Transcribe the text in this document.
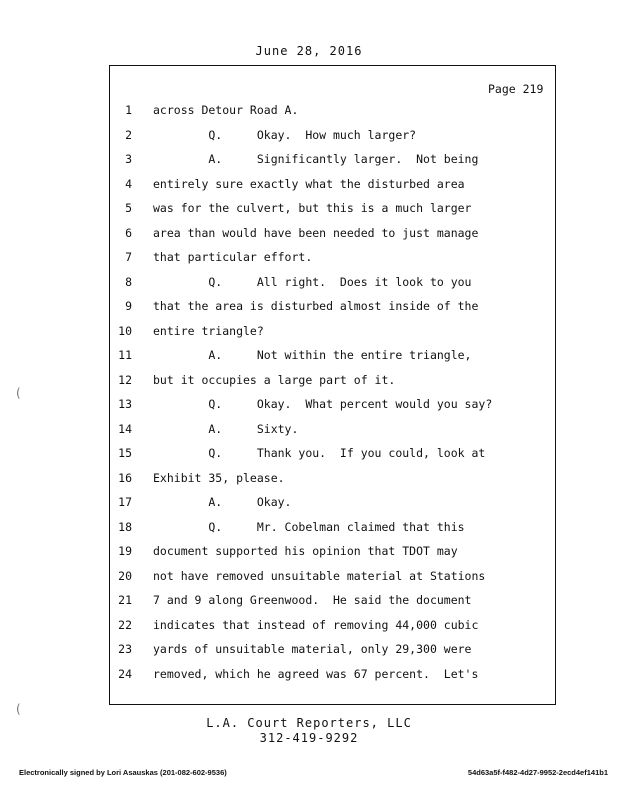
June 28, 2016
Page 219
1 across Detour Road A.
2 Q.     Okay.  How much larger?
3 A.     Significantly larger.  Not being
4 entirely sure exactly what the disturbed area
5 was for the culvert, but this is a much larger
6 area than would have been needed to just manage
7 that particular effort.
8 Q.     All right.  Does it look to you
9 that the area is disturbed almost inside of the
10 entire triangle?
11 A.     Not within the entire triangle,
12 but it occupies a large part of it.
13 Q.     Okay.  What percent would you say?
14 A.     Sixty.
15 Q.     Thank you.  If you could, look at
16 Exhibit 35, please.
17 A.     Okay.
18 Q.     Mr. Cobelman claimed that this
19 document supported his opinion that TDOT may
20 not have removed unsuitable material at Stations
21 7 and 9 along Greenwood.  He said the document
22 indicates that instead of removing 44,000 cubic
23 yards of unsuitable material, only 29,300 were
24 removed, which he agreed was 67 percent.  Let's
L.A. Court Reporters, LLC
312-419-9292
Electronically signed by Lori Asauskas (201-082-602-9536)	54d63a5f-f482-4d27-9952-2ecd4ef141b1
(
(
